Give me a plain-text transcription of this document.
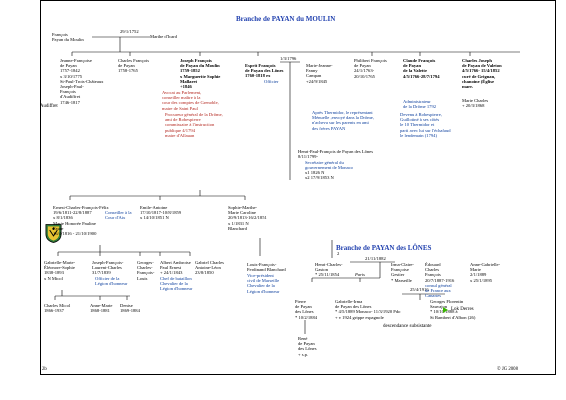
Branche de PAYAN du MOULIN
Branche de PAYAN des LÔNES
29/1/1752
1/3/1796
2
21/11/1882
25/4/1916
François
Payan du Moulin
Marthe d'Icard
Jeanne-Françoise
de Payan
1757-1842
x 3/10/1775
St-Paul-Trois-Châteaux
Joseph-Paul-
François
d'Audiffret
1746-1817
Charles François
de Payan
1758-1765
Joseph François
de Payan du Moulin
1759-1852
x Marguerite Sophie
Mallaret
+1846
Esprit François
de Payan des Lônes
1760-1818 ex
Marie-Jeanne-
Fanny
Campan
+24/9/1845
Philibert François
de Payan
24/1/1763-
20/10/1765
Claude François
de Payan
de la Valette
4/5/1766-28/7/1794
Charles Joseph
de Payan de Valeton
4/5/1766- 15/4/1852
curé de Grignan,
chanoine (Église
marr.
Audiffret
Avocat au Parlement,
conseiller maître à la
cour des comptes de Grenoble,
maire de Saint Paul
Procureur général de la Drôme,
ami de Robespierre
commissaire à l'instruction
publique 4/1794
maire d'Allauan
Officier
Administrateur
de la Drôme 1792
Devenu à Robespierre,
Guillotiné à ses côtés
le 10 Thermidor et
parti avec lui sur l'échafaud
le lendemain (1794)
Marie Charles
+ 20/3/1868
Après Thermidor, le représentant
Ménuelle ,envoyé dans la Drôme,
n'acheva sur les parents en ami
des frères PAYAN
Henri-Paul-François de Payan des Lônes
8/11/1799-
Secrétaire général du
gouvernement de Monaco
x1 1826 N
x2 17/9/1853 N
Ernest-Charles-François-Félix
19/6/1811-22/8/1887
x 8/1/1836
Marie Honorée Pauline
Faure
16/4/1816 - 21/10/1900
Conseiller à la
Cour d'Aix
Emile-Antoine
17/10/1817-10/8/1859
x 14/10/1851 N
Sophie-Marthe-
Marie Caroline
20/9/1813-16/2/1851
x 1/1831 N
Blanchard
Louis-François-
Ferdinand Blanchard
Vice-président
civil de Marseille
Chevalier de la
Légion d'honneur
Gabrielle-Marie-
Éléonore-Sophie
1838-1893
x N Micol
Joseph-François-
Laurent-Charles
31/7/1839
Officier de la
Légion d'honneur
Georges-
Charles-
François-
Louis
Albert Ambroise
Paul Ernest
+ 24/1/1843
Chef de bataillon
Chevalier de la
Légion d'honneur
Gabriel Charles
Antoine-Léon
23/8/1850
Charles Micol
1866-1937
Anne-Marie
1868-1881
Denise
1869-1884
Henri-Charles-
Gaston
* 25/11/1854	Paris
Irma-Claire-
Françoise
Gestier
* Marseille
Édouard
Charles
François
20/7/1887-1916
consul général
de France aux
Canaries
Anne-Gabrielle-
Marie
2/1/1889
x 25/1/1895
Pierre
de Payan
des Lônes
* 10/2/1884
Gabrielle-Irma
de Payan des Lônes
* 4/5/1889 Monaco- 11/3/1920 Pdo
+ v 1924 grippe espagnole
Georges Florentin
Sauvajon
* 10/10/1888 à
St Rambert d'Albon (26)
René
de Payan
des Lônes
+ s.p.
descendance subsistante
Lok Derres
2b	© JG 2008
